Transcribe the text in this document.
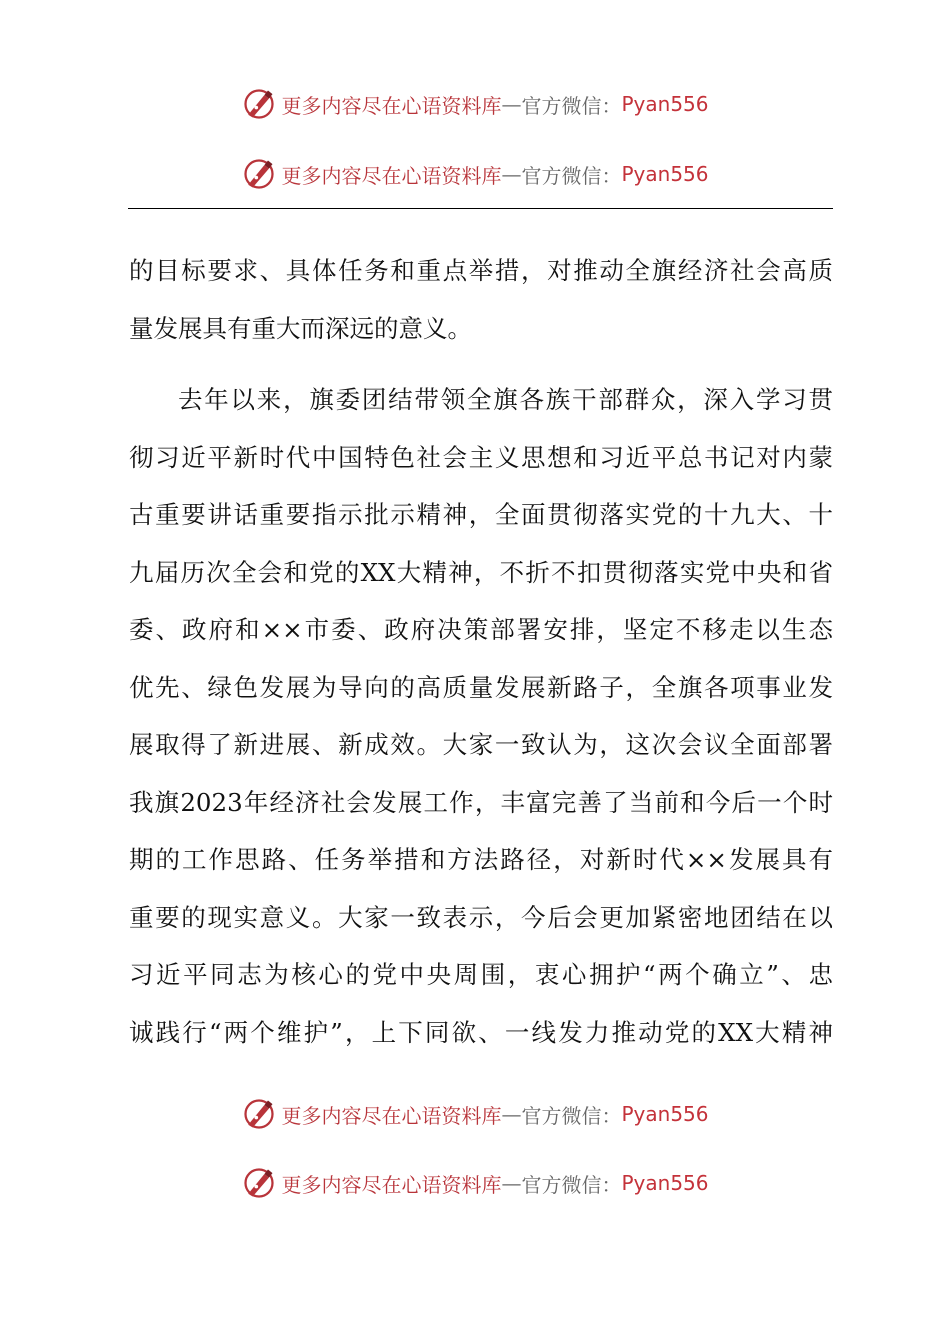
更多内容尽在心语资料库 — 官方微信： Pyan556
更多内容尽在心语资料库 — 官方微信： Pyan556
的目标要求、具体任务和重点举措，对推动全旗经济社会高质
量发展具有重大而深远的意义。
去年以来，旗委团结带领全旗各族干部群众，深入学习贯
彻习近平新时代中国特色社会主义思想和习近平总书记对内蒙
古重要讲话重要指示批示精神，全面贯彻落实党的十九大、十
九届历次全会和党的XX大精神，不折不扣贯彻落实党中央和省
委、政府和××市委、政府决策部署安排，坚定不移走以生态
优先、绿色发展为导向的高质量发展新路子，全旗各项事业发
展取得了新进展、新成效。大家一致认为，这次会议全面部署
我旗2023年经济社会发展工作，丰富完善了当前和今后一个时
期的工作思路、任务举措和方法路径，对新时代××发展具有
重要的现实意义。大家一致表示，今后会更加紧密地团结在以
习近平同志为核心的党中央周围，衷心拥护“两个确立”、忠
诚践行“两个维护”，上下同欲、一线发力推动党的XX大精神
更多内容尽在心语资料库 — 官方微信： Pyan556
更多内容尽在心语资料库 — 官方微信： Pyan556
